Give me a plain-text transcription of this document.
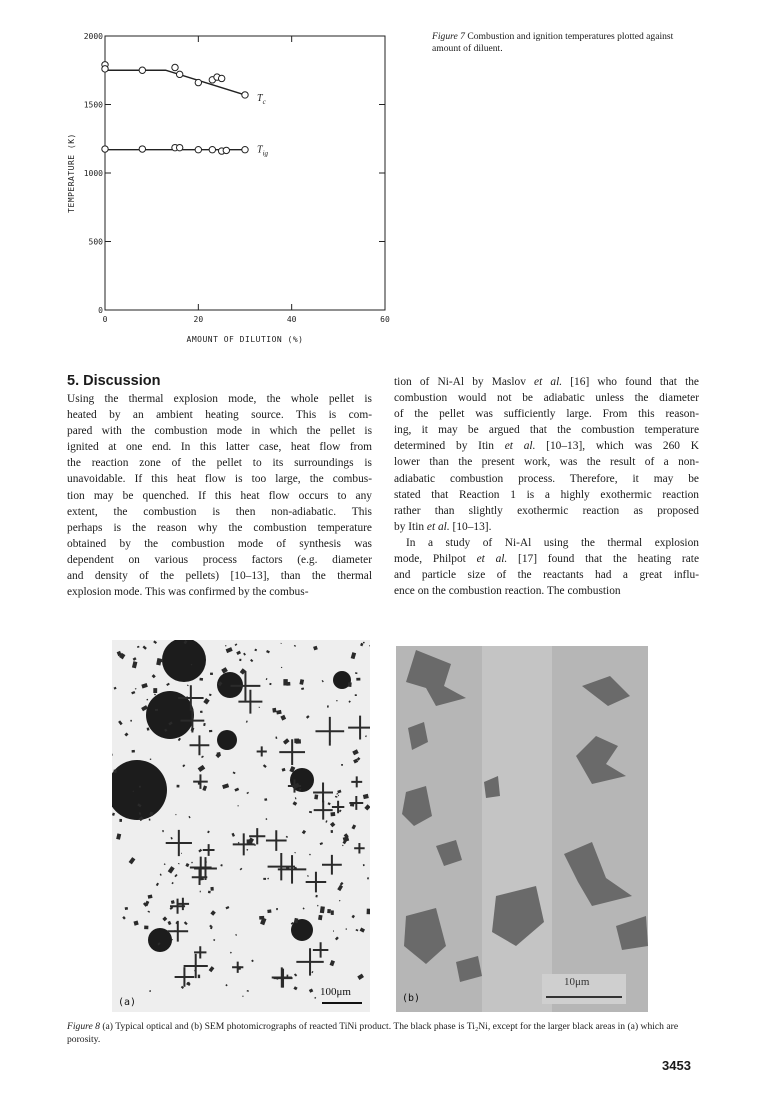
0	20	40	60
0
500
1000
1500
2000
AMOUNT OF DILUTION (%)
TEMPERATURE (K)
$T_c$
$T_{ig}$
Figure 7 Combustion and ignition temperatures plotted against amount of diluent.
5. Discussion

Using the thermal explosion mode, the whole pellet is

heated by an ambient heating source. This is com-

pared with the combustion mode in which the pellet is

ignited at one end. In this latter case, heat flow from

the reaction zone of the pellet to its surroundings is

unavoidable. If this heat flow is too large, the combus-

tion may be quenched. If this heat flow occurs to any

extent, the combustion is then non-adiabatic. This

perhaps is the reason why the combustion temperature

obtained by the combustion mode of synthesis was

dependent on various process factors (e.g. diameter

and density of the pellets) [10–13], than the thermal

explosion mode. This was confirmed by the combus-

tion of Ni-Al by Maslov et al. [16] who found that the

combustion would not be adiabatic unless the diameter

of the pellet was sufficiently large. From this reason-

ing, it may be argued that the combustion temperature

determined by Itin et al. [10–13], which was 260 K

lower than the present work, was the result of a non-

adiabatic combustion process. Therefore, it may be

stated that Reaction 1 is a highly exothermic reaction

rather than slightly exothermic reaction as proposed

by Itin et al. [10–13].

In a study of Ni-Al using the thermal explosion

mode, Philpot et al. [17] found that the heating rate

and particle size of the reactants had a great influ-

ence on the combustion reaction. The combustion

(a)
100μm
(b)
10μm
Figure 8 (a) Typical optical and (b) SEM photomicrographs of reacted TiNi product. The black phase is Ti₂Ni, except for the larger black areas in (a) which are porosity.
3453
